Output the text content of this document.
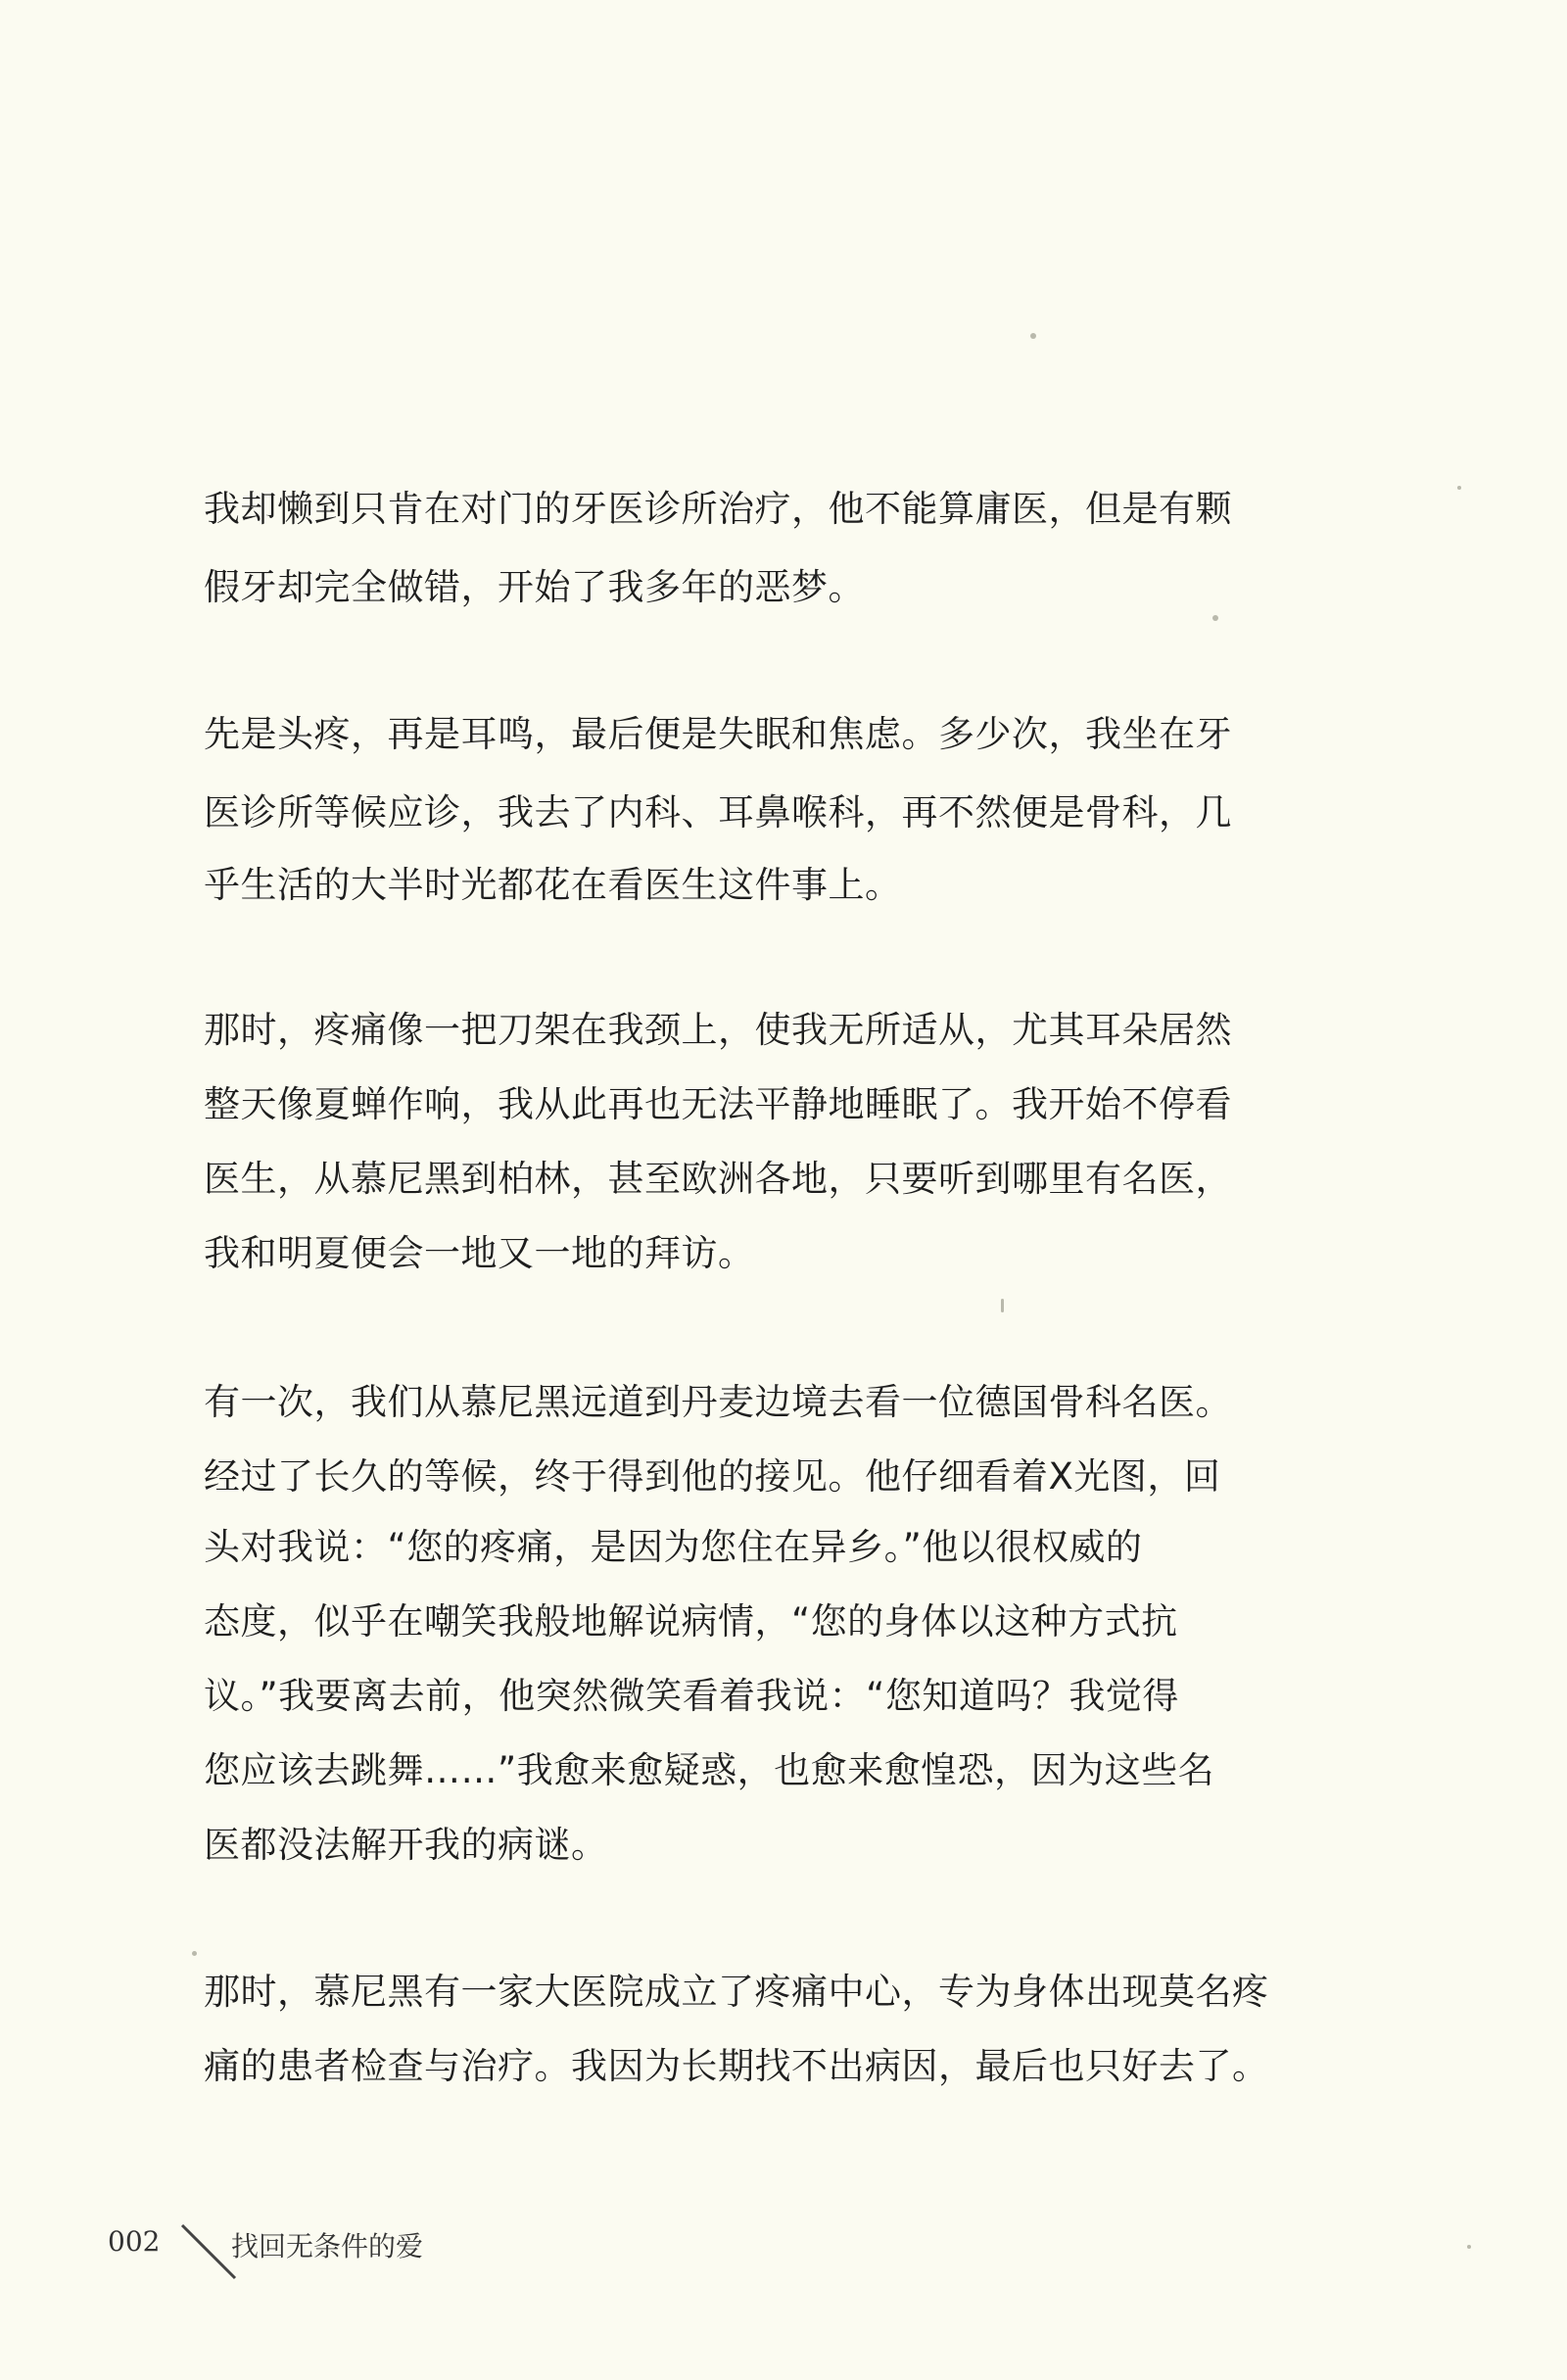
我却懒到只肯在对门的牙医诊所治疗，他不能算庸医，但是有颗
假牙却完全做错，开始了我多年的恶梦。
先是头疼，再是耳鸣，最后便是失眠和焦虑。多少次，我坐在牙
医诊所等候应诊，我去了内科、耳鼻喉科，再不然便是骨科，几
乎生活的大半时光都花在看医生这件事上。
那时，疼痛像一把刀架在我颈上，使我无所适从，尤其耳朵居然
整天像夏蝉作响，我从此再也无法平静地睡眠了。我开始不停看
医生，从慕尼黑到柏林，甚至欧洲各地，只要听到哪里有名医，
我和明夏便会一地又一地的拜访。
有一次，我们从慕尼黑远道到丹麦边境去看一位德国骨科名医。
经过了长久的等候，终于得到他的接见。他仔细看着X光图，回
头对我说：“您的疼痛，是因为您住在异乡。”他以很权威的
态度，似乎在嘲笑我般地解说病情，“您的身体以这种方式抗
议。”我要离去前，他突然微笑看着我说：“您知道吗？我觉得
您应该去跳舞……”我愈来愈疑惑，也愈来愈惶恐，因为这些名
医都没法解开我的病谜。
那时，慕尼黑有一家大医院成立了疼痛中心，专为身体出现莫名疼
痛的患者检查与治疗。我因为长期找不出病因，最后也只好去了。
002	找回无条件的爱
